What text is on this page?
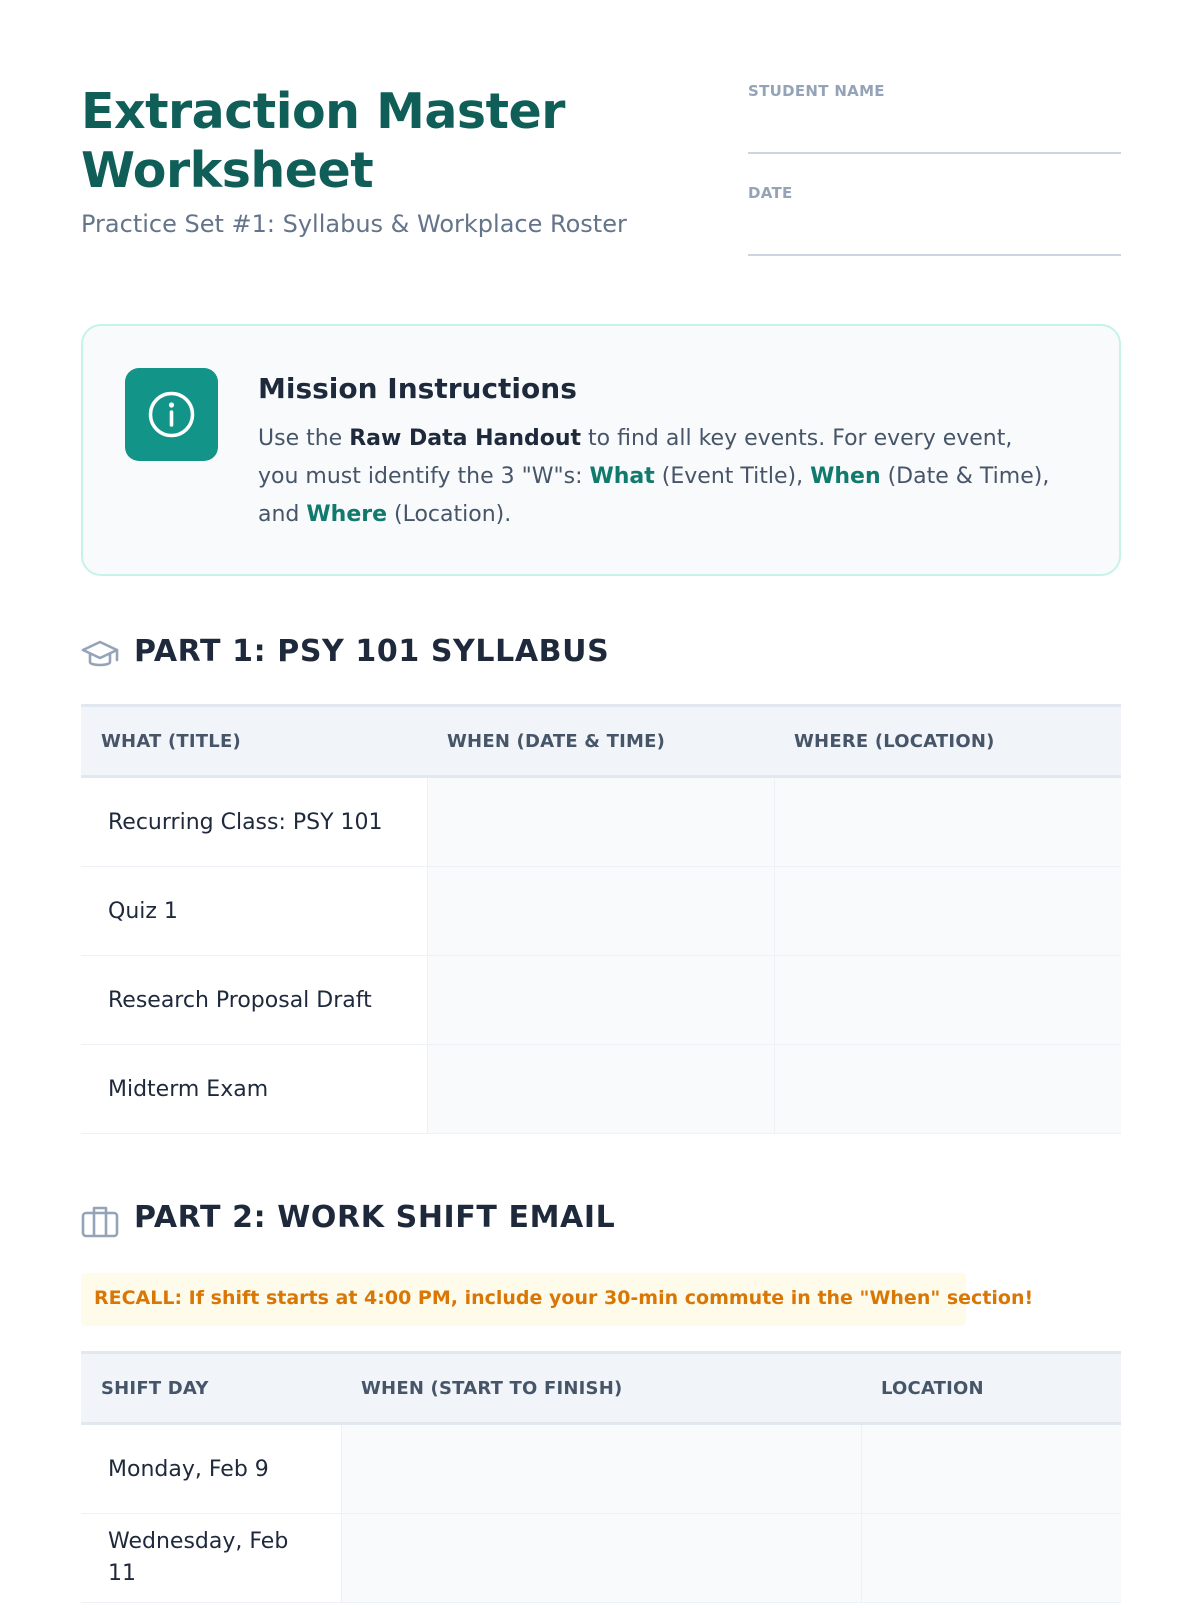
Extraction Master Worksheet
Practice Set #1: Syllabus & Workplace Roster
STUDENT NAME
DATE
Mission Instructions
Use the Raw Data Handout to find all key events. For every event, you must identify the 3 "W"s: What (Event Title), When (Date & Time), and Where (Location).
PART 1: PSY 101 SYLLABUS
WHAT (TITLE)	WHEN (DATE & TIME)	WHERE (LOCATION)
Recurring Class: PSY 101		
Quiz 1		
Research Proposal Draft		
Midterm Exam		
PART 2: WORK SHIFT EMAIL
RECALL: If shift starts at 4:00 PM, include your 30-min commute in the "When" section!
SHIFT DAY	WHEN (START TO FINISH)	LOCATION
Monday, Feb 9		
Wednesday, Feb 11		
